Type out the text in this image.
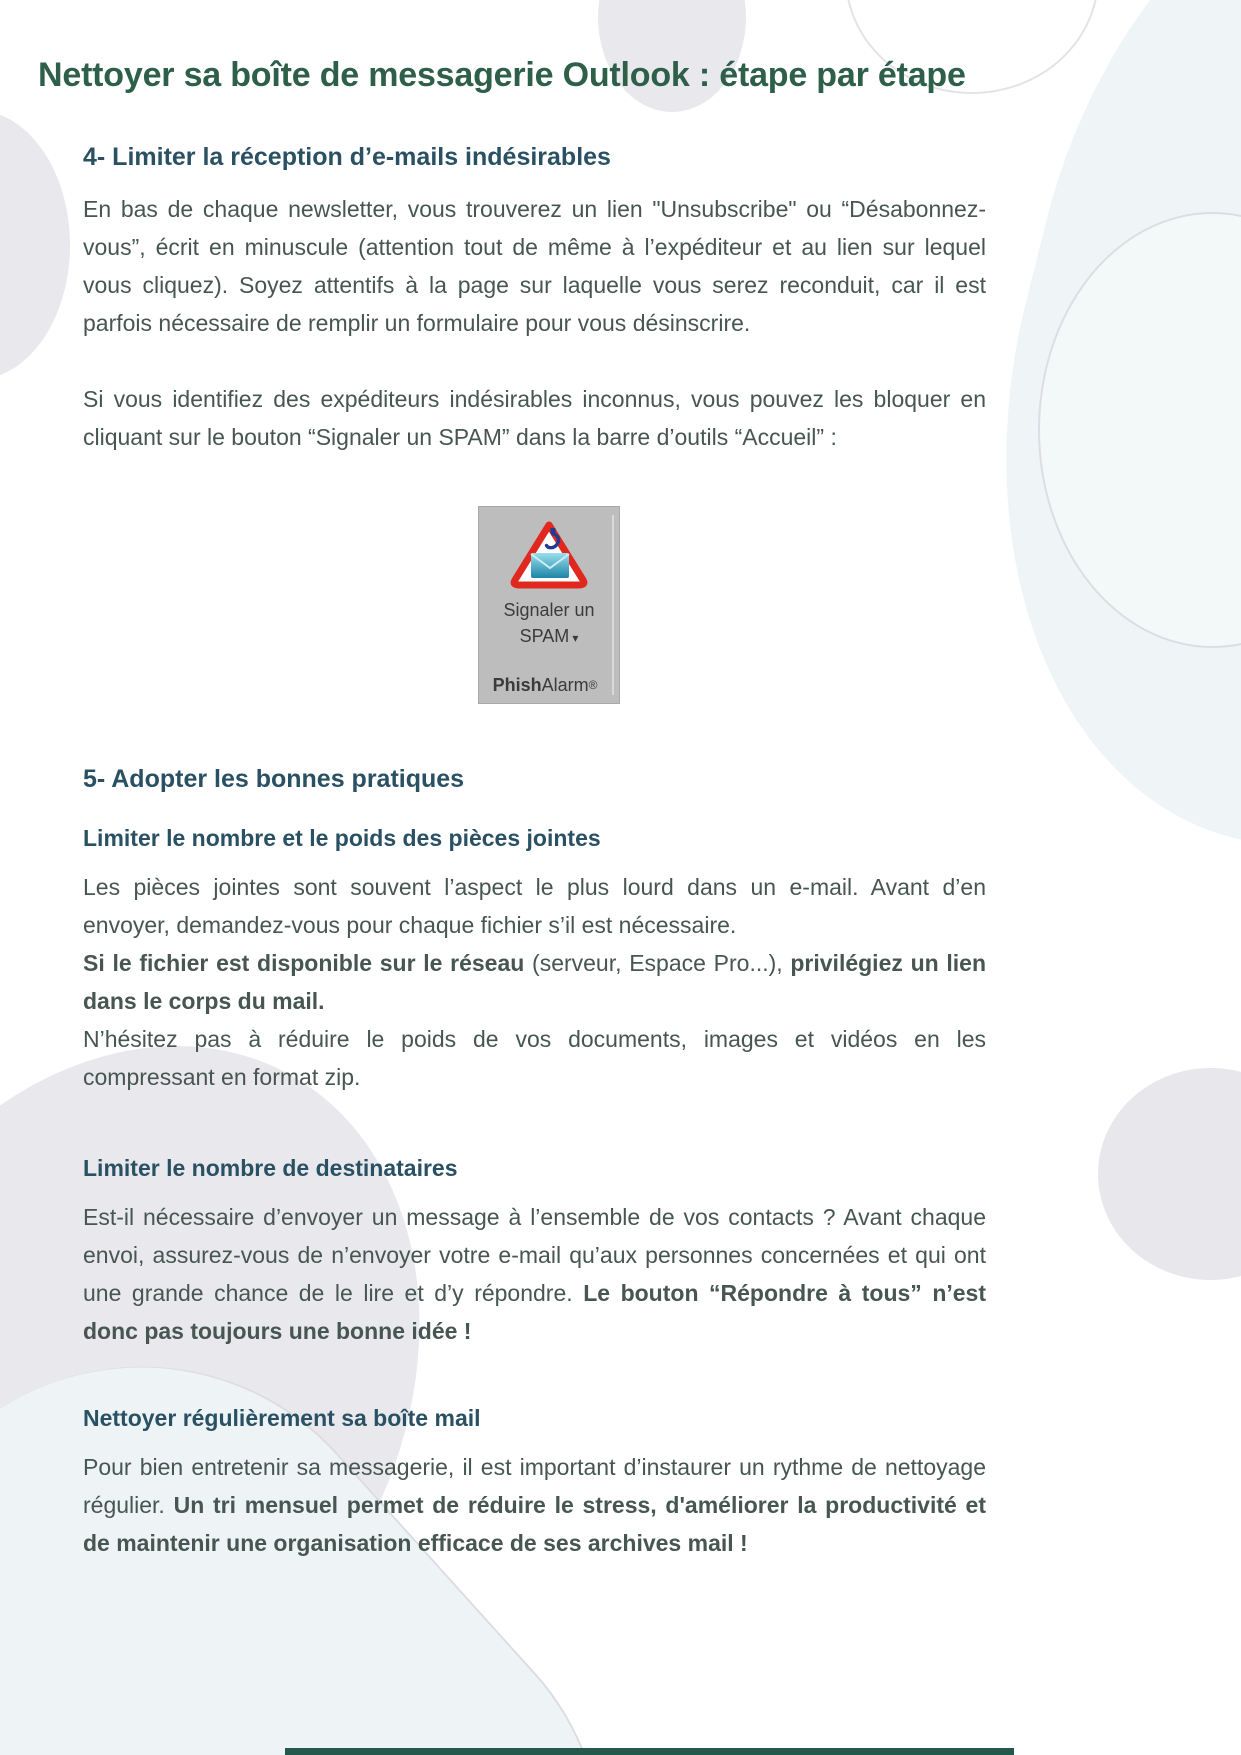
Nettoyer sa boîte de messagerie Outlook : étape par étape
4- Limiter la réception d’e-mails indésirables

En bas de chaque newsletter, vous trouverez un lien "Unsubscribe" ou “Désabonnez-vous”, écrit en minuscule (attention tout de même à l’expéditeur et au lien sur lequel vous cliquez). Soyez attentifs à la page sur laquelle vous serez reconduit, car il est parfois nécessaire de remplir un formulaire pour vous désinscrire.

Si vous identifiez des expéditeurs indésirables inconnus, vous pouvez les bloquer en cliquant sur le bouton “Signaler un SPAM” dans la barre d’outils “Accueil” :

Signaler un
SPAM ▾
PhishAlarm®
5- Adopter les bonnes pratiques
Limiter le nombre et le poids des pièces jointes

Les pièces jointes sont souvent l’aspect le plus lourd dans un e-mail. Avant d’en envoyer, demandez-vous pour chaque fichier s’il est nécessaire.
Si le fichier est disponible sur le réseau (serveur, Espace Pro...), privilégiez un lien dans le corps du mail.
N’hésitez pas à réduire le poids de vos documents, images et vidéos en les compressant en format zip.

Limiter le nombre de destinataires

Est-il nécessaire d’envoyer un message à l’ensemble de vos contacts ? Avant chaque envoi, assurez-vous de n’envoyer votre e-mail qu’aux personnes concernées et qui ont une grande chance de le lire et d’y répondre. Le bouton “Répondre à tous” n’est donc pas toujours une bonne idée !

Nettoyer régulièrement sa boîte mail

Pour bien entretenir sa messagerie, il est important d’instaurer un rythme de nettoyage régulier. Un tri mensuel permet de réduire le stress, d'améliorer la productivité et de maintenir une organisation efficace de ses archives mail !
